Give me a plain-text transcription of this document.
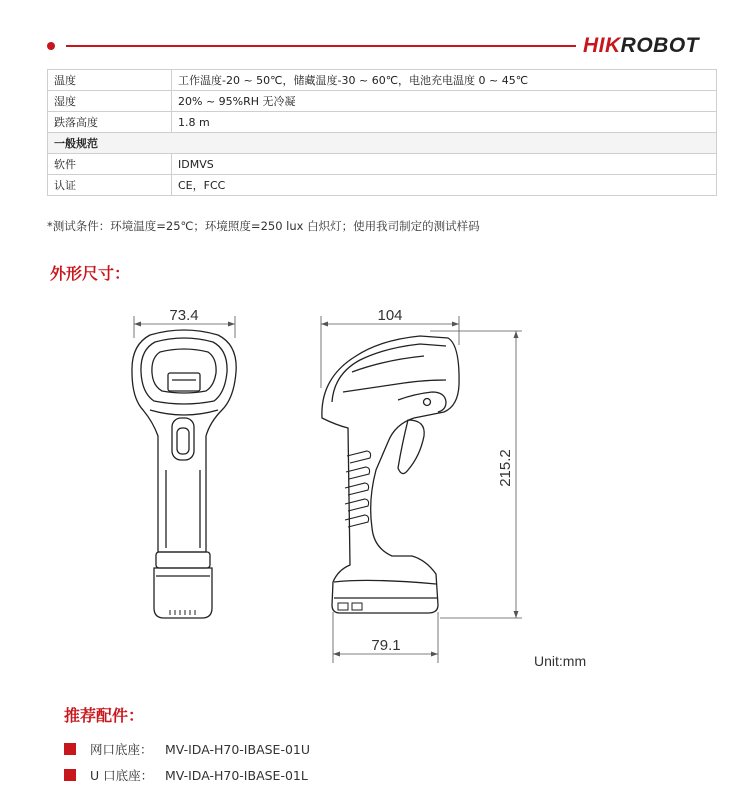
HIKROBOT
温度	工作温度-20 ~ 50℃，储藏温度-30 ~ 60℃，电池充电温度 0 ~ 45℃
湿度	20% ~ 95%RH 无冷凝
跌落高度	1.8 m
一般规范	
软件	IDMVS
认证	CE，FCC
*测试条件：环境温度=25℃；环境照度=250 lux 白炽灯；使用我司制定的测试样码
外形尺寸：
73.4	104
215.2
79.1
Unit:mm
推荐配件：
网口底座： MV-IDA-H70-IBASE-01U
U 口底座： MV-IDA-H70-IBASE-01L
